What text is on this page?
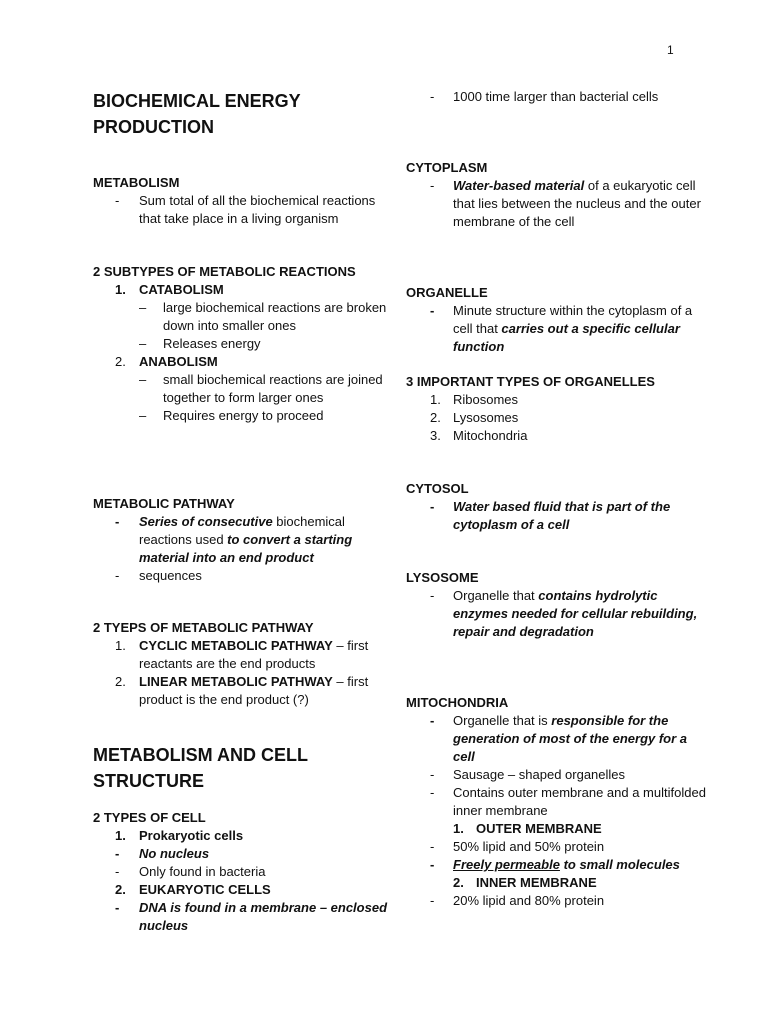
1
BIOCHEMICAL ENERGY PRODUCTION
METABOLISM
-	Sum total of all the biochemical reactions that take place in a living organism
2 SUBTYPES OF METABOLIC REACTIONS
1.	CATABOLISM
–	large biochemical reactions are broken down into smaller ones
–	Releases energy
2.	ANABOLISM
–	small biochemical reactions are joined together to form larger ones
–	Requires energy to proceed
METABOLIC PATHWAY
-	Series of consecutive biochemical reactions used to convert a starting material into an end product
-	sequences
2 TYEPS OF METABOLIC PATHWAY
1.	CYCLIC METABOLIC PATHWAY – first reactants are the end products
2.	LINEAR METABOLIC PATHWAY – first product is the end product (?)
METABOLISM AND CELL STRUCTURE
2 TYPES OF CELL
1.	Prokaryotic cells
-	No nucleus
-	Only found in bacteria
2.	EUKARYOTIC CELLS
-	DNA is found in a membrane – enclosed nucleus
-	1000 time larger than bacterial cells
CYTOPLASM
-	Water-based material of a eukaryotic cell that lies between the nucleus and the outer membrane of the cell
ORGANELLE
-	Minute structure within the cytoplasm of a cell that carries out a specific cellular function
3 IMPORTANT TYPES OF ORGANELLES
1. Ribosomes
2. Lysosomes
3. Mitochondria
CYTOSOL
-	Water based fluid that is part of the cytoplasm of a cell
LYSOSOME
-	Organelle that contains hydrolytic enzymes needed for cellular rebuilding, repair and degradation
MITOCHONDRIA
-	Organelle that is responsible for the generation of most of the energy for a cell
-	Sausage – shaped organelles
-	Contains outer membrane and a multifolded inner membrane
1. OUTER MEMBRANE
-	50% lipid and 50% protein
-	Freely permeable to small molecules
2. INNER MEMBRANE
-	20% lipid and 80% protein
